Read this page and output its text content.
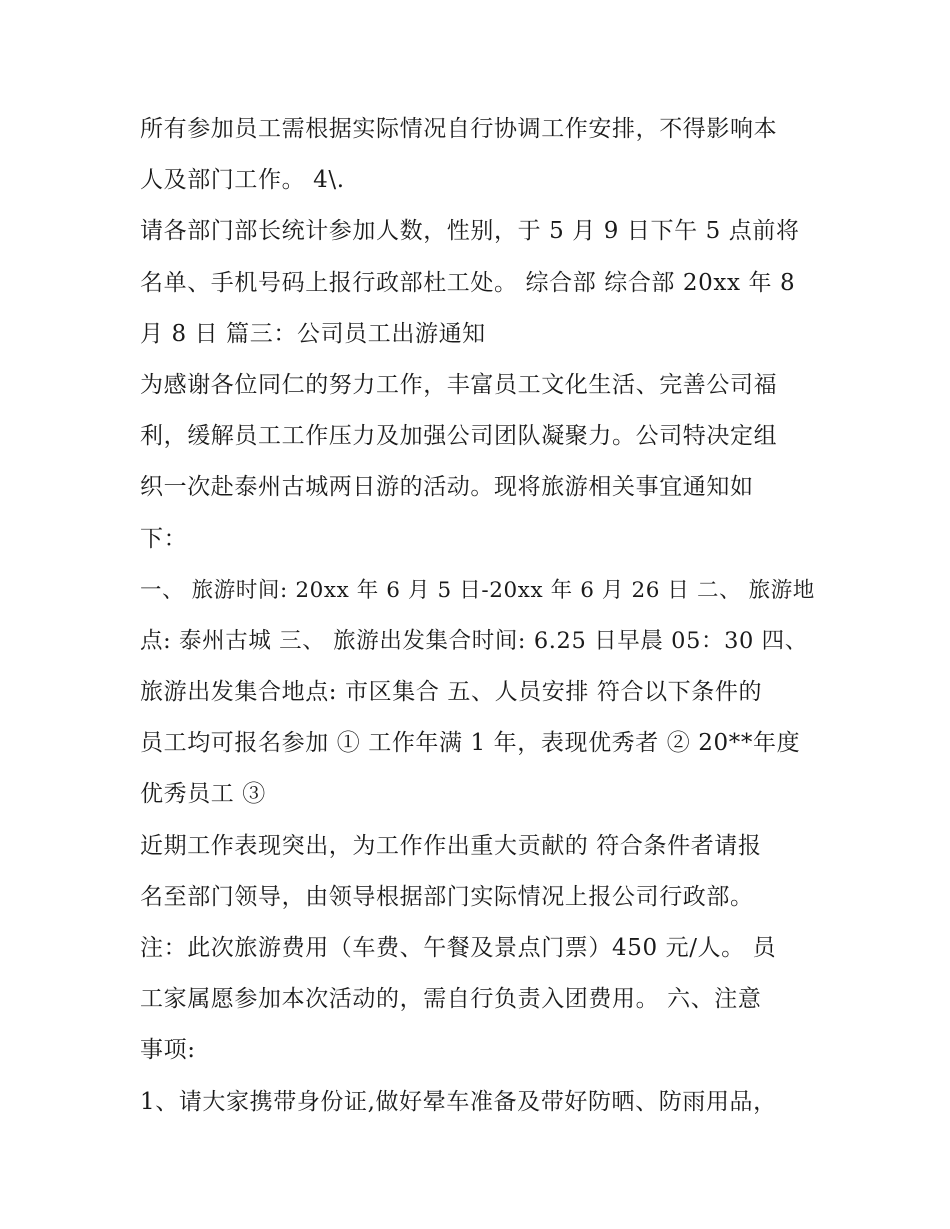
所有参加员工需根据实际情况自行协调工作安排，不得影响本
人及部门工作。 4\.
请各部门部长统计参加人数，性别，于 5 月 9 日下午 5 点前将
名单、手机号码上报行政部杜工处。 综合部 综合部 20xx 年 8
月 8 日 篇三：公司员工出游通知
为感谢各位同仁的努力工作，丰富员工文化生活、完善公司福
利，缓解员工工作压力及加强公司团队凝聚力。公司特决定组
织一次赴泰州古城两日游的活动。现将旅游相关事宜通知如
下：
一、 旅游时间: 20xx 年 6 月 5 日-20xx 年 6 月 26 日 二、 旅游地
点: 泰州古城 三、 旅游出发集合时间: 6.25 日早晨 05：30 四、
旅游出发集合地点: 市区集合 五、人员安排 符合以下条件的
员工均可报名参加 ① 工作年满 1 年，表现优秀者 ② 20**年度
优秀员工 ③
近期工作表现突出，为工作作出重大贡献的 符合条件者请报
名至部门领导，由领导根据部门实际情况上报公司行政部。
注：此次旅游费用（车费、午餐及景点门票）450 元/人。 员
工家属愿参加本次活动的，需自行负责入团费用。 六、注意
事项:
1、请大家携带身份证,做好晕车准备及带好防晒、防雨用品，
